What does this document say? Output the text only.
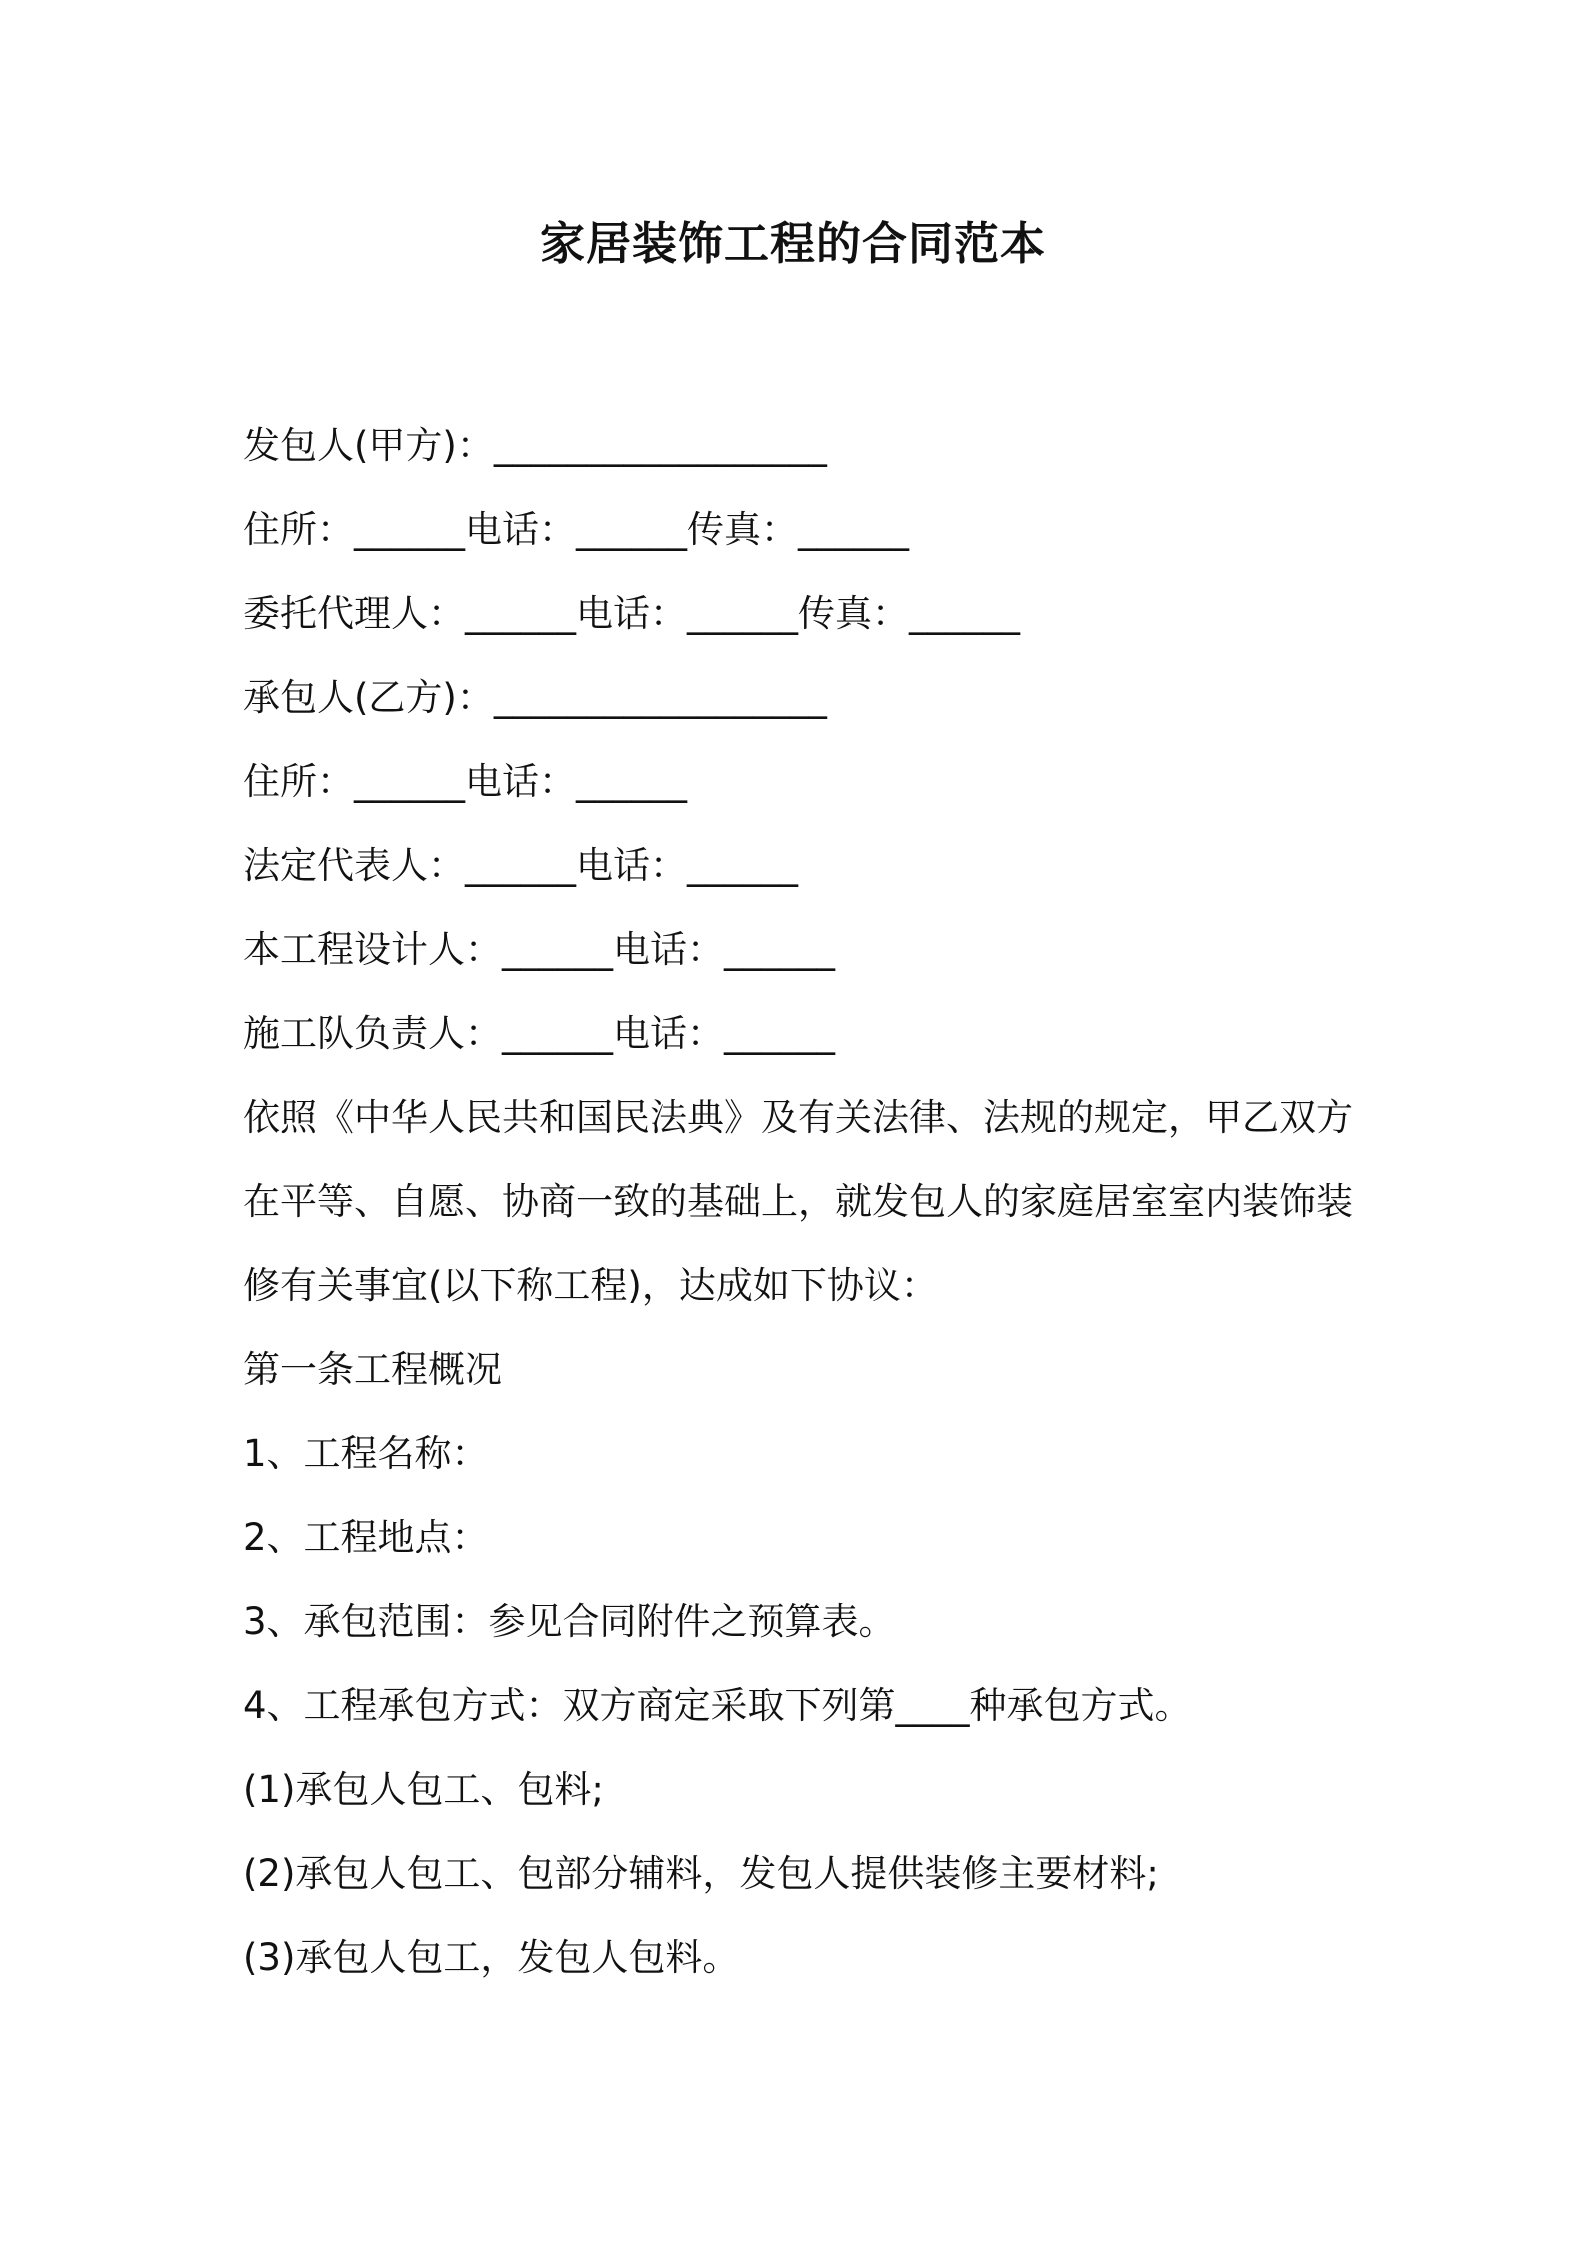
家居装饰工程的合同范本
发包人(甲方)：__________________
住所：______电话：______传真：______
委托代理人：______电话：______传真：______
承包人(乙方)：__________________
住所：______电话：______
法定代表人：______电话：______
本工程设计人：______电话：______
施工队负责人：______电话：______
依照《中华人民共和国民法典》及有关法律、法规的规定，甲乙双方
在平等、自愿、协商一致的基础上，就发包人的家庭居室室内装饰装
修有关事宜(以下称工程)，达成如下协议：
第一条工程概况
1、工程名称：
2、工程地点：
3、承包范围：参见合同附件之预算表。
4、工程承包方式：双方商定采取下列第____种承包方式。
(1)承包人包工、包料;
(2)承包人包工、包部分辅料，发包人提供装修主要材料;
(3)承包人包工，发包人包料。
